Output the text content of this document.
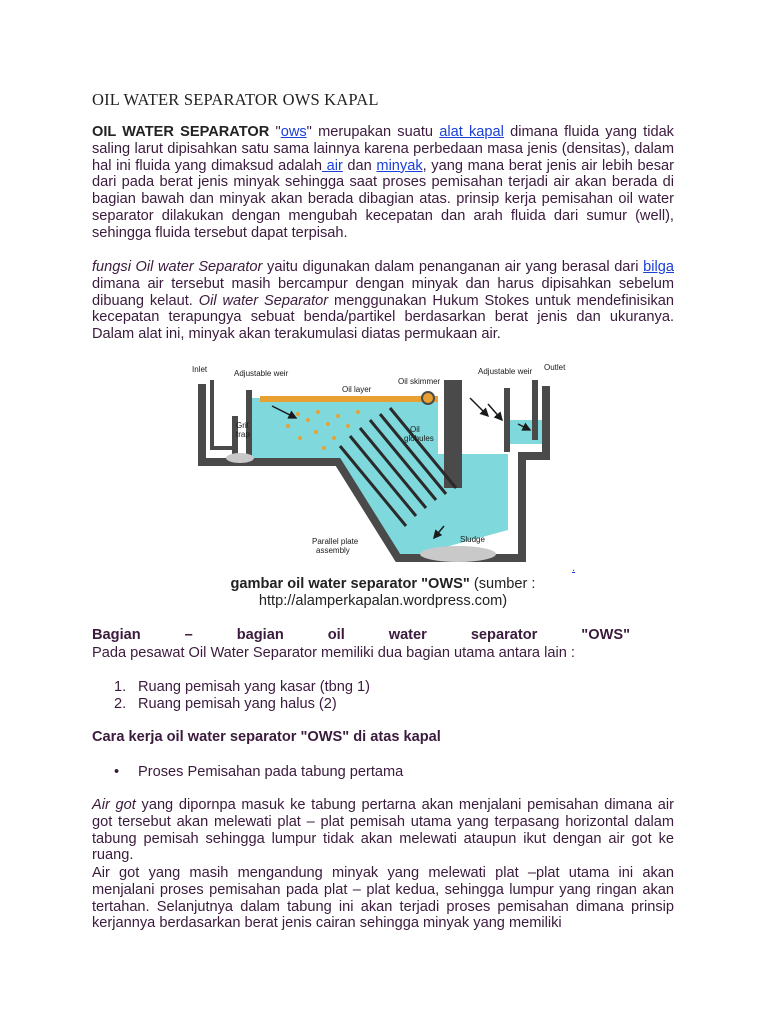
OIL WATER SEPARATOR OWS KAPAL
OIL WATER SEPARATOR "ows" merupakan suatu alat kapal dimana fluida yang tidak saling larut dipisahkan satu sama lainnya karena perbedaan masa jenis (densitas), dalam hal ini fluida yang dimaksud adalah air dan minyak, yang mana berat jenis air lebih besar dari pada berat jenis minyak sehingga saat proses pemisahan terjadi air akan berada di bagian bawah dan minyak akan berada dibagian atas. prinsip kerja pemisahan oil water separator dilakukan dengan mengubah kecepatan dan arah fluida dari sumur (well), sehingga fluida tersebut dapat terpisah.
fungsi Oil water Separator yaitu digunakan dalam penanganan air yang berasal dari bilga dimana air tersebut masih bercampur dengan minyak dan harus dipisahkan sebelum dibuang kelaut. Oil water Separator menggunakan Hukum Stokes untuk mendefinisikan kecepatan terapungya sebuat benda/partikel berdasarkan berat jenis dan ukuranya. Dalam alat ini, minyak akan terakumulasi diatas permukaan air.
Inlet	Adjustable weir
Oil layer
Oil skimmer
Adjustable weir Outlet
Grit
trap
Oil
globules
Parallel plate
assembly
Sludge
.
gambar oil water separator "OWS" (sumber :
http://alamperkapalan.wordpress.com)
Bagian	–	bagian	oil	water	separator	"OWS"
Pada pesawat Oil Water Separator memiliki dua bagian utama antara lain :
1. Ruang pemisah yang kasar (tbng 1)
2. Ruang pemisah yang halus (2)
Cara kerja oil water separator "OWS" di atas kapal
• Proses Pemisahan pada tabung pertama
Air got yang dipornpa masuk ke tabung pertarna akan menjalani pemisahan dimana air got tersebut akan melewati plat – plat pemisah utama yang terpasang horizontal dalam tabung pemisah sehingga lumpur tidak akan melewati ataupun ikut dengan air got ke ruang.
Air got yang masih mengandung minyak yang melewati plat –plat utama ini akan menjalani proses pemisahan pada plat – plat kedua, sehingga lumpur yang ringan akan tertahan. Selanjutnya dalam tabung ini akan terjadi proses pemisahan dimana prinsip kerjannya berdasarkan berat jenis cairan sehingga minyak yang memiliki
